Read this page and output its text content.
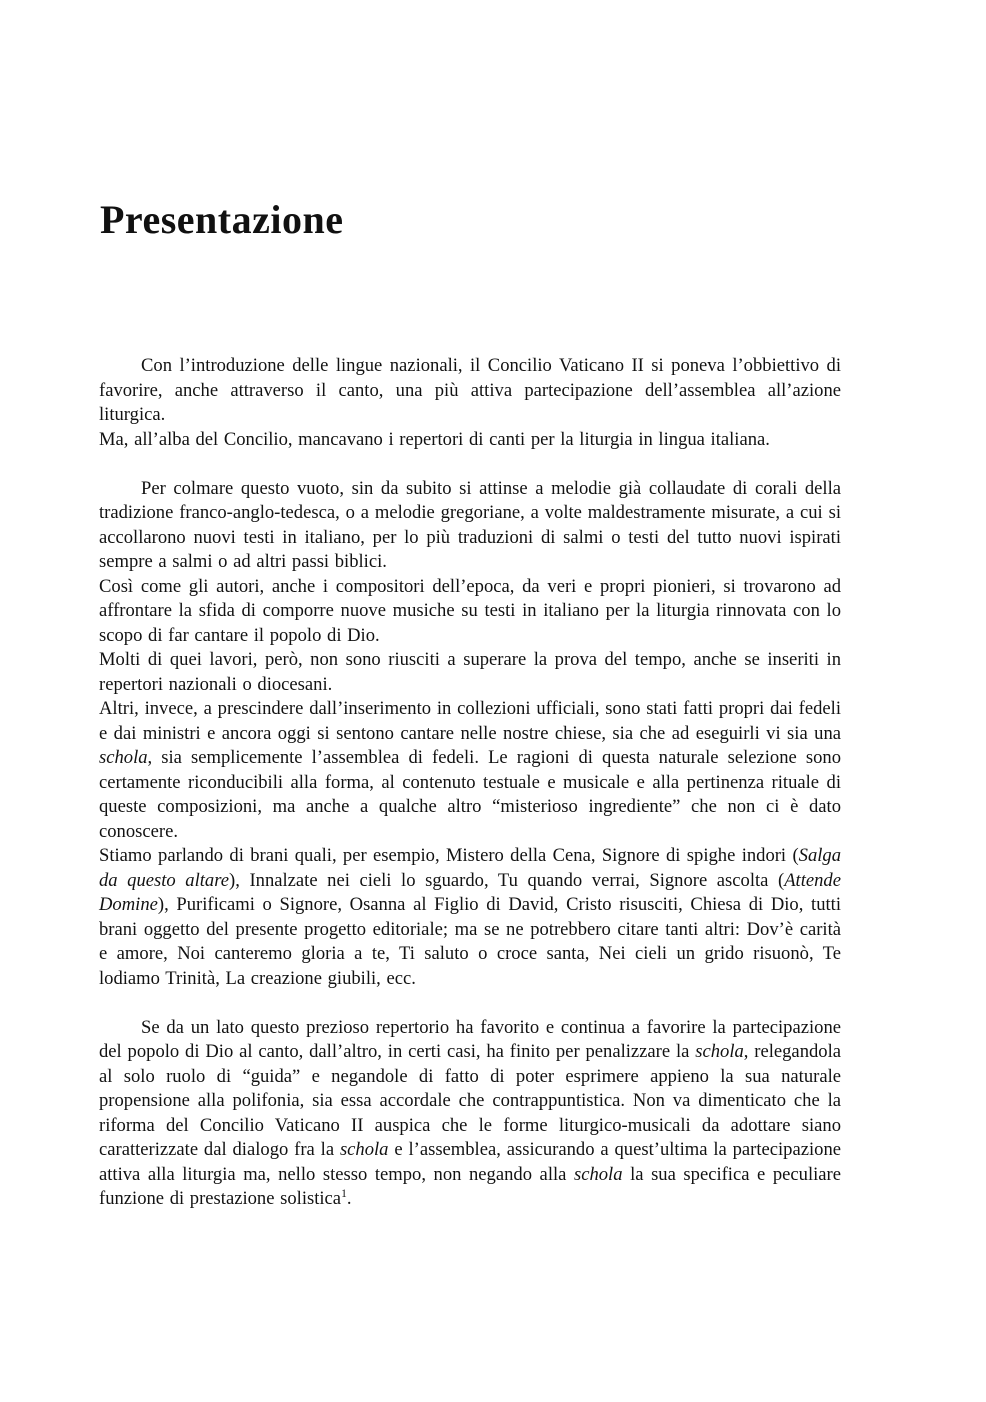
Presentazione

Con l’introduzione delle lingue nazionali, il Concilio Vaticano II si poneva l’obbiettivo di favorire, anche attraverso il canto, una più attiva partecipazione dell’assemblea all’azione liturgica.

Ma, all’alba del Concilio, mancavano i repertori di canti per la liturgia in lingua italiana.

Per colmare questo vuoto, sin da subito si attinse a melodie già collaudate di corali della tradizione franco-anglo-tedesca, o a melodie gregoriane, a volte maldestramente misurate, a cui si accollarono nuovi testi in italiano, per lo più traduzioni di salmi o testi del tutto nuovi ispirati sempre a salmi o ad altri passi biblici.

Così come gli autori, anche i compositori dell’epoca, da veri e propri pionieri, si trovarono ad affrontare la sfida di comporre nuove musiche su testi in italiano per la liturgia rinnovata con lo scopo di far cantare il popolo di Dio.

Molti di quei lavori, però, non sono riusciti a superare la prova del tempo, anche se inseriti in repertori nazionali o diocesani.

Altri, invece, a prescindere dall’inserimento in collezioni ufficiali, sono stati fatti propri dai fedeli e dai ministri e ancora oggi si sentono cantare nelle nostre chiese, sia che ad eseguirli vi sia una schola, sia semplicemente l’assemblea di fedeli. Le ragioni di questa naturale selezione sono certamente riconducibili alla forma, al contenuto testuale e musicale e alla pertinenza rituale di queste composizioni, ma anche a qualche altro “misterioso ingrediente” che non ci è dato conoscere.

Stiamo parlando di brani quali, per esempio, Mistero della Cena, Signore di spighe indori (Salga da questo altare), Innalzate nei cieli lo sguardo, Tu quando verrai, Signore ascolta (Attende Domine), Purificami o Signore, Osanna al Figlio di David, Cristo risusciti, Chiesa di Dio, tutti brani oggetto del presente progetto editoriale; ma se ne potrebbero citare tanti altri: Dov’è carità e amore, Noi canteremo gloria a te, Ti saluto o croce santa, Nei cieli un grido risuonò, Te lodiamo Trinità, La creazione giubili, ecc.

Se da un lato questo prezioso repertorio ha favorito e continua a favorire la partecipazione del popolo di Dio al canto, dall’altro, in certi casi, ha finito per penalizzare la schola, relegandola al solo ruolo di “guida” e negandole di fatto di poter esprimere appieno la sua naturale propensione alla polifonia, sia essa accordale che contrappuntistica. Non va dimenticato che la riforma del Concilio Vaticano II auspica che le forme liturgico-musicali da adottare siano caratterizzate dal dialogo fra la schola e l’assemblea, assicurando a quest’ultima la partecipazione attiva alla liturgia ma, nello stesso tempo, non negando alla schola la sua specifica e peculiare funzione di prestazione solistica$^1$.
